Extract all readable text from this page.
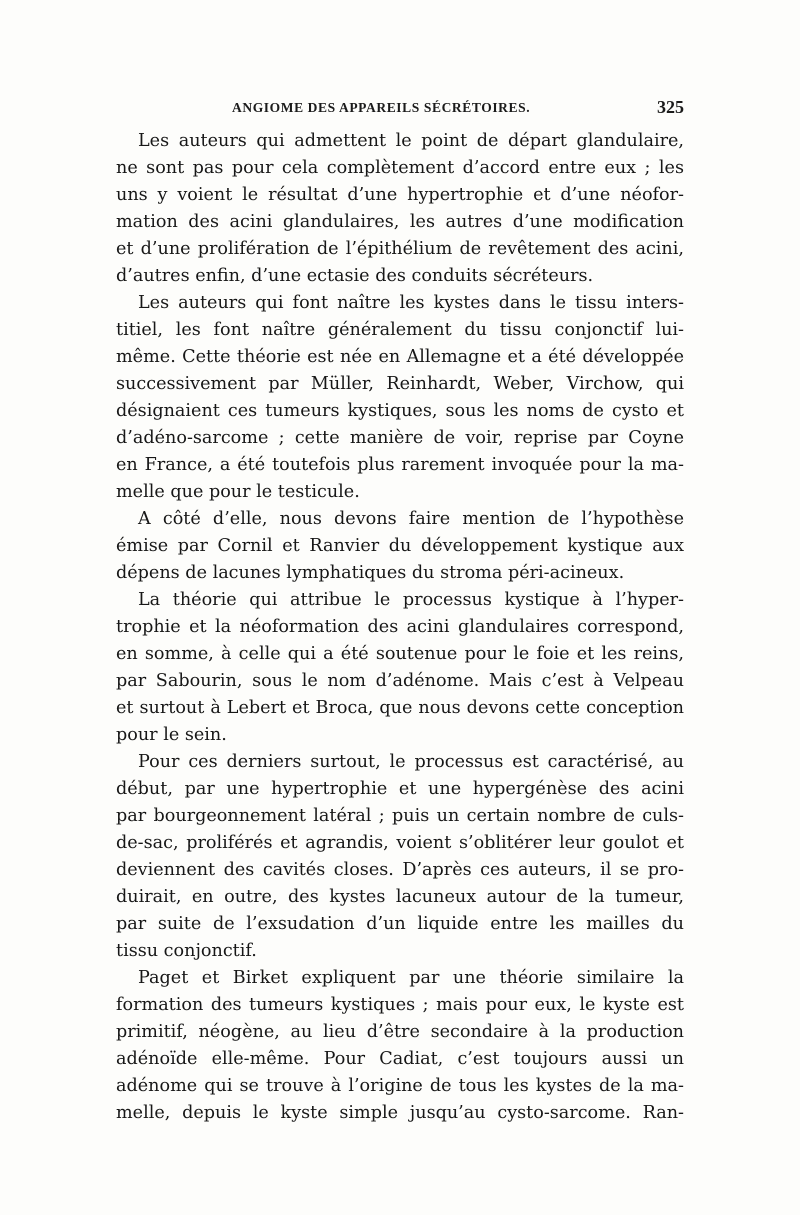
ANGIOME DES APPAREILS SÉCRÉTOIRES.	325
Les auteurs qui admettent le point de départ glandulaire,
ne sont pas pour cela complètement d’accord entre eux ; les
uns y voient le résultat d’une hypertrophie et d’une néofor-
mation des acini glandulaires, les autres d’une modification
et d’une prolifération de l’épithélium de revêtement des acini,
d’autres enfin, d’une ectasie des conduits sécréteurs.
Les auteurs qui font naître les kystes dans le tissu inters-
titiel, les font naître généralement du tissu conjonctif lui-
même. Cette théorie est née en Allemagne et a été développée
successivement par Müller, Reinhardt, Weber, Virchow, qui
désignaient ces tumeurs kystiques, sous les noms de cysto et
d’adéno-sarcome ; cette manière de voir, reprise par Coyne
en France, a été toutefois plus rarement invoquée pour la ma-
melle que pour le testicule.
A côté d’elle, nous devons faire mention de l’hypothèse
émise par Cornil et Ranvier du développement kystique aux
dépens de lacunes lymphatiques du stroma péri-acineux.
La théorie qui attribue le processus kystique à l’hyper-
trophie et la néoformation des acini glandulaires correspond,
en somme, à celle qui a été soutenue pour le foie et les reins,
par Sabourin, sous le nom d’adénome. Mais c’est à Velpeau
et surtout à Lebert et Broca, que nous devons cette conception
pour le sein.
Pour ces derniers surtout, le processus est caractérisé, au
début, par une hypertrophie et une hypergénèse des acini
par bourgeonnement latéral ; puis un certain nombre de culs-
de-sac, proliférés et agrandis, voient s’oblitérer leur goulot et
deviennent des cavités closes. D’après ces auteurs, il se pro-
duirait, en outre, des kystes lacuneux autour de la tumeur,
par suite de l’exsudation d’un liquide entre les mailles du
tissu conjonctif.
Paget et Birket expliquent par une théorie similaire la
formation des tumeurs kystiques ; mais pour eux, le kyste est
primitif, néogène, au lieu d’être secondaire à la production
adénoïde elle-même. Pour Cadiat, c’est toujours aussi un
adénome qui se trouve à l’origine de tous les kystes de la ma-
melle, depuis le kyste simple jusqu’au cysto-sarcome. Ran-
